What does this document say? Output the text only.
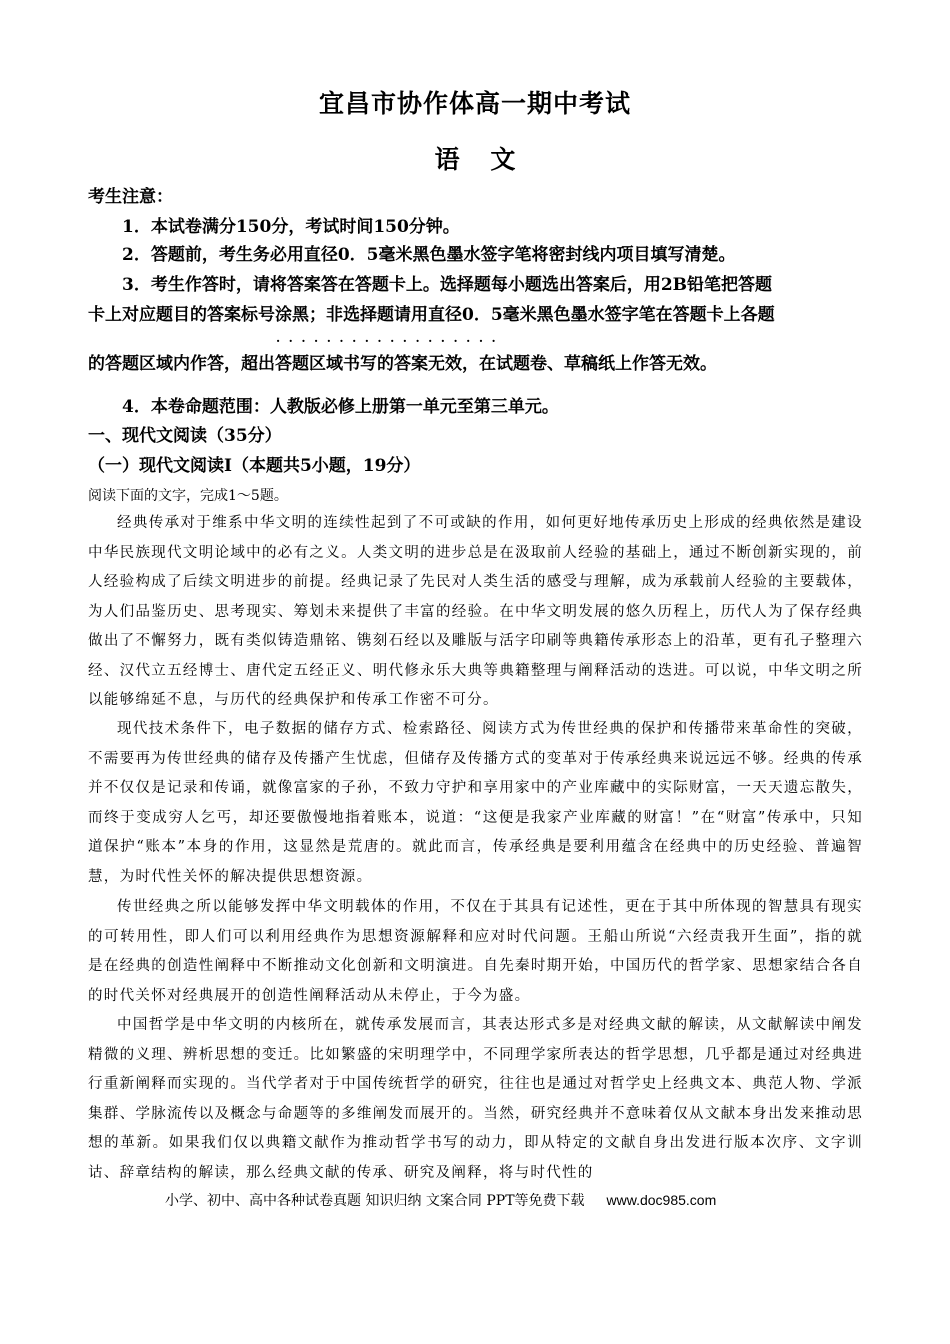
宜昌市协作体高一期中考试
语 文
考生注意：
1．本试卷满分150分，考试时间150分钟。
2．答题前，考生务必用直径0．5毫米黑色墨水签字笔将密封线内项目填写清楚。
3．考生作答时，请将答案答在答题卡上。选择题每小题选出答案后，用2B铅笔把答题
卡上对应题目的答案标号涂黑；非选择题请用直径0．5毫米黑色墨水签字笔在答题卡上各题
··················
的答题区域内作答，超出答题区域书写的答案无效，在试题卷、草稿纸上作答无效。
4．本卷命题范围：人教版必修上册第一单元至第三单元。
一、现代文阅读（35分）
（一）现代文阅读Ⅰ（本题共5小题，19分）
阅读下面的文字，完成1～5题。

经典传承对于维系中华文明的连续性起到了不可或缺的作用，如何更好地传承历史上形成的经典依然是建设中华民族现代文明论域中的必有之义。人类文明的进步总是在汲取前人经验的基础上，通过不断创新实现的，前人经验构成了后续文明进步的前提。经典记录了先民对人类生活的感受与理解，成为承载前人经验的主要载体，为人们品鉴历史、思考现实、筹划未来提供了丰富的经验。在中华文明发展的悠久历程上，历代人为了保存经典做出了不懈努力，既有类似铸造鼎铭、镌刻石经以及雕版与活字印刷等典籍传承形态上的沿革，更有孔子整理六经、汉代立五经博士、唐代定五经正义、明代修永乐大典等典籍整理与阐释活动的迭进。可以说，中华文明之所以能够绵延不息，与历代的经典保护和传承工作密不可分。

现代技术条件下，电子数据的储存方式、检索路径、阅读方式为传世经典的保护和传播带来革命性的突破，不需要再为传世经典的储存及传播产生忧虑，但储存及传播方式的变革对于传承经典来说远远不够。经典的传承并不仅仅是记录和传诵，就像富家的子孙，不致力守护和享用家中的产业库藏中的实际财富，一天天遗忘散失，而终于变成穷人乞丐，却还要傲慢地指着账本，说道：“这便是我家产业库藏的财富！”在“财富”传承中，只知道保护“账本”本身的作用，这显然是荒唐的。就此而言，传承经典是要利用蕴含在经典中的历史经验、普遍智慧，为时代性关怀的解决提供思想资源。

传世经典之所以能够发挥中华文明载体的作用，不仅在于其具有记述性，更在于其中所体现的智慧具有现实的可转用性，即人们可以利用经典作为思想资源解释和应对时代问题。王船山所说“六经责我开生面”，指的就是在经典的创造性阐释中不断推动文化创新和文明演进。自先秦时期开始，中国历代的哲学家、思想家结合各自的时代关怀对经典展开的创造性阐释活动从未停止，于今为盛。

中国哲学是中华文明的内核所在，就传承发展而言，其表达形式多是对经典文献的解读，从文献解读中阐发精微的义理、辨析思想的变迁。比如繁盛的宋明理学中，不同理学家所表达的哲学思想，几乎都是通过对经典进行重新阐释而实现的。当代学者对于中国传统哲学的研究，往往也是通过对哲学史上经典文本、典范人物、学派集群、学脉流传以及概念与命题等的多维阐发而展开的。当然，研究经典并不意味着仅从文献本身出发来推动思想的革新。如果我们仅以典籍文献作为推动哲学书写的动力，即从特定的文献自身出发进行版本次序、文字训诂、辞章结构的解读，那么经典文献的传承、研究及阐释，将与时代性的

小学、初中、高中各种试卷真题 知识归纳 文案合同 PPT等免费下载 www.doc985.com
